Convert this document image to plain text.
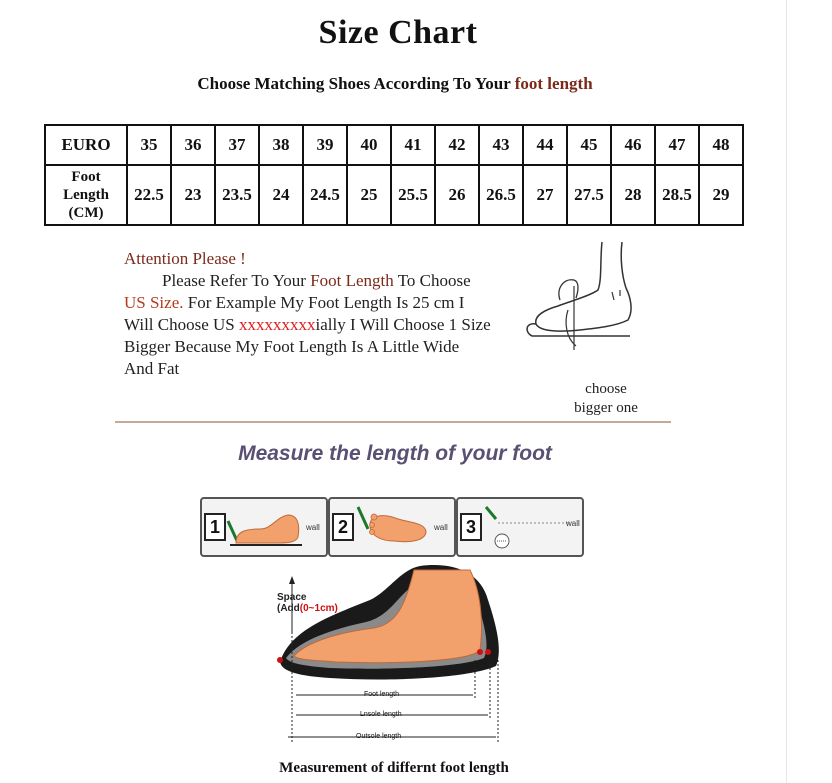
Size Chart
Choose Matching Shoes According To Your foot length
EURO	35	36	37	38	39	40	41	42	43	44	45	46	47	48
Foot
Length
(CM)	22.5	23	23.5	24	24.5	25	25.5	26	26.5	27	27.5	28	28.5	29

Attention Please !

Please Refer To Your Foot Length To Choose

US Size. For Example My Foot Length Is 25 cm I

Will Choose US xxxxxxxxxially I Will Choose 1 Size

Bigger Because My Foot Length Is A Little Wide

And Fat

choose
bigger one
Measure the length of your foot
1	wall	2	wall	3	wall
Space
(Add(0~1cm)
Foot length
Lnsole length
Outsole length
Measurement of differnt foot length
